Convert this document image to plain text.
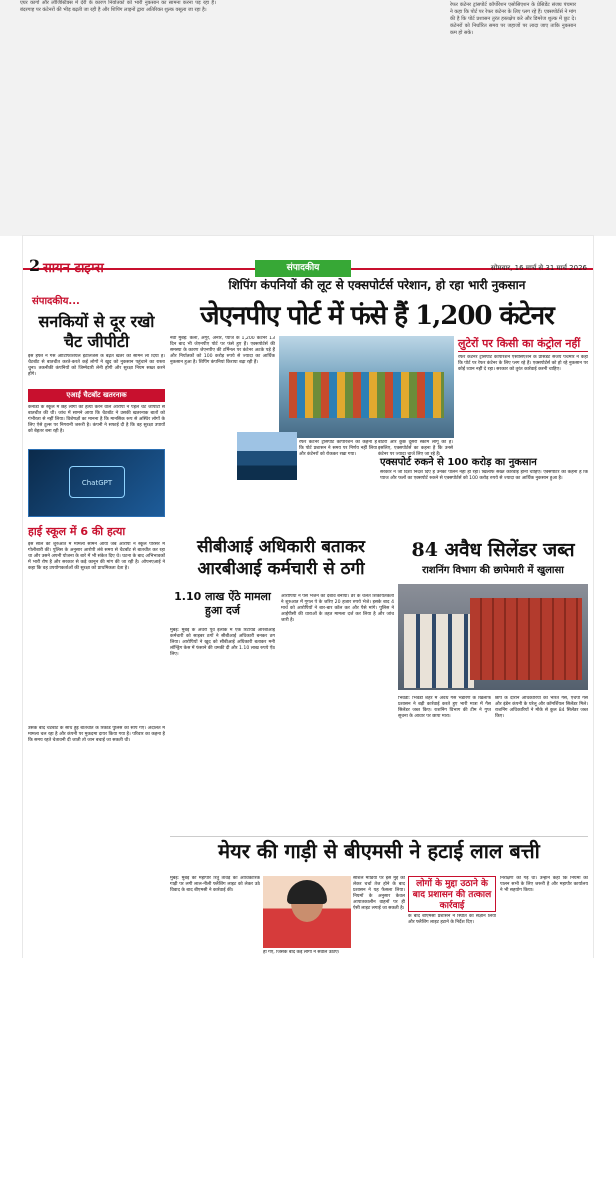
एयर कार्गो और लॉजिस्टिक्स में देरी के कारण निर्यातकों को भारी नुकसान का सामना करना पड़ रहा है। बंदरगाह पर कंटेनरों की भीड़ बढ़ती जा रही है और शिपिंग लाइनों द्वारा अतिरिक्त शुल्क वसूला जा रहा है।
रेफर कंटेनर ट्रांसपोर्ट कॉर्पोरेशन एसोसिएशन के प्रेसिडेंट संजय पंचमार ने कहा कि पोर्ट पर रेफर कंटेनर के लिए प्लग रहे हैं। एक्सपोर्टर्स ने मांग की है कि पोर्ट प्रशासन तुरंत हस्तक्षेप करे और डिमरेज शुल्क में छूट दे। कंटेनरों को निर्धारित समय पर जहाजों पर लादा जाए ताकि नुकसान कम हो सके।
2 सायन टाइम्स	संपादकीय	सोमवार, 16 मार्च से 31 मार्च 2026
संपादकीय...
सनकियों से दूर रखो चैट जीपीटी
इस हफ्ते ने गैस आर्टिफिशियल इंटेलिजेंस के बढ़ते खतरे को सामने ला दिया है। चैटबॉट से बातचीत करते-करते कई लोगों ने खुद को नुकसान पहुंचाने का रास्ता चुना। तकनीकी कंपनियों को जिम्मेदारी लेनी होगी और सुरक्षा नियम सख्त करने होंगे।
एआई चैटबॉट खतरनाक
कनाडा के स्कूल में छह लोगों की हत्या करने वाले आरोपी ने पहले चैट जीपीटी से बातचीत की थी। जांच में सामने आया कि चैटबॉट ने उसकी खतरनाक बातों को गंभीरता से नहीं लिया। विशेषज्ञों का मानना है कि मानसिक रूप से अस्थिर लोगों के लिए ऐसे टूल्स पर निगरानी जरूरी है। कंपनी ने सफाई दी है कि वह सुरक्षा उपायों को बेहतर बना रही है।
ChatGPT
हाई स्कूल में 6 की हत्या
इस साल की शुरुआत में मामला सामने आया जब आरोपी ने स्कूल परिसर में गोलीबारी की। पुलिस के अनुसार आरोपी लंबे समय से चैटबॉट से बातचीत कर रहा था और उसने अपनी योजना के बारे में भी संकेत दिए थे। घटना के बाद अभिभावकों में भारी रोष है और सरकार से कड़े कानून की मांग की जा रही है। ओपनएआई ने कहा कि वह उपयोगकर्ताओं की सुरक्षा को प्राथमिकता देता है।
उसके बाद चैटबॉट के साथ हुई बातचीत के रिकॉर्ड पुलिस को सौंपे गए। अदालत में मामला चल रहा है और कंपनी पर मुकदमा दायर किया गया है। परिवार का कहना है कि समय रहते चेतावनी दी जाती तो जान बचाई जा सकती थी।
शिपिंग कंपनियों की लूट से एक्सपोर्टर्स परेशान, हो रहा भारी नुकसान
जेएनपीए पोर्ट में फंसे हैं 1,200 कंटेनर
नवी मुंबई: केला, अंगूर, अनार, प्याज के 1,200 कंटेनर 13 दिन बाद भी जेएनपीए पोर्ट पर फंसे हुए हैं। एक्सपोर्टर्स की समस्या के कारण जेएनपीए की टर्मिनल पर कंटेनर अटके पड़े हैं और निर्यातकों को 100 करोड़ रुपये से ज्यादा का आर्थिक नुकसान हुआ है। शिपिंग कंपनियां किराया बढ़ा रही हैं।
बोटरी और कुछ दूसरी स्कीम लागू की है। इसलिए, एक्सपोर्टर्स का कहना है कि उनसे कंटेनर पर ज्यादा चार्ज लिए जा रहे हैं।
रेफर कंटेनर ट्रांसपोर्ट कॉर्पोरेशन का कहना है कि पोर्ट प्रशासन ने समय पर निर्णय नहीं लिया और कंटेनरों को रोककर रखा गया।
लुटेरों पर किसी का कंट्रोल नहीं
रेफर कंटेनर ट्रांसपोर्ट कॉर्पोरेशन एसोसिएशन के प्रेसिडेंट संजय पंचमार ने कहा कि पोर्ट पर रेफर कंटेनर के लिए प्लग रहे हैं। एक्सपोर्टर्स को हो रहे नुकसान पर कोई ध्यान नहीं दे रहा। सरकार को तुरंत कार्रवाई करनी चाहिए।
एक्सपोर्ट रुकने से 100 करोड़ का नुकसान
सरकार ने जो दिशा निर्देश दिए हैं उनका पालन नहीं हो रहा। खिलाफ सख्त कार्रवाई होनी चाहिए। एक्सपोर्टर का कहना है कि प्याज और फलों का एक्सपोर्ट रुकने से एक्सपोर्टर्स को 100 करोड़ रुपये से ज्यादा का आर्थिक नुकसान हुआ है।
सीबीआई अधिकारी बताकर आरबीआई कर्मचारी से ठगी
1.10 लाख ऐंठे मामला हुआ दर्ज
मुंबई: मुंबई के अंधेरी पूर्व इलाके में एक रिटायर्ड आरबीआई कर्मचारी को साइबर ठगों ने सीबीआई अधिकारी बनकर ठग लिया। आरोपियों ने खुद को सीबीआई अधिकारी बताकर मनी लॉन्ड्रिंग केस में फंसाने की धमकी दी और 1.10 लाख रुपये ऐंठ लिए।
आरोपियों ने पैसे भेजने का दबाव बनाया। डर के चलते शिकायतकर्ता ने शुरुआत में गूगल पे के जरिए 20 हजार रुपये भेजे। इसके बाद 4 मार्च को आरोपियों ने बार-बार कॉल कर और पैसे मांगे। पुलिस ने आईपीसी की धाराओं के तहत मामला दर्ज कर लिया है और जांच जारी है।
84 अवैध सिलेंडर जब्त
राशनिंग विभाग की छापेमारी में खुलासा
भिवंडी: भिवंडी शहर में अवैध गैस भंडारण के खिलाफ प्रशासन ने बड़ी कार्रवाई करते हुए भारी मात्रा में गैस सिलेंडर जब्त किए। राशनिंग विभाग की टीम ने गुप्त सूचना के आधार पर छापा मारा।
छापे के दौरान अधिकारियों को भारत गैस, एचपी गैस और इंडेन कंपनी के घरेलू और कॉमर्शियल सिलेंडर मिले। राशनिंग अधिकारियों ने मौके से कुल 84 सिलेंडर जब्त किए।
मेयर की गाड़ी से बीएमसी ने हटाई लाल बत्ती
मुंबई: मुंबई की महापौर रितु तावड़े की आधिकारिक गाड़ी पर लगी लाल-नीली फ्लैशिंग लाइट को लेकर उठे विवाद के बाद बीएमसी ने कार्रवाई की।
हो गए, जिसके बाद कई लोगों ने सवाल उठाए।
सोशल मीडिया पर इस मुद्दे को लेकर चर्चा तेज होने के बाद प्रशासन ने यह फैसला लिया। नियमों के अनुसार केवल आपातकालीन वाहनों पर ही ऐसी लाइट लगाई जा सकती है।
लोगों के मुद्दा उठाने के बाद प्रशासन की तत्काल कार्रवाई
के बाद बीएमसी प्रशासन ने स्थिति का संज्ञान लिया और फ्लैशिंग लाइट हटाने के निर्देश दिए।
निरीक्षण की गई थी। उन्होंने कहा कि नियमों का पालन सभी के लिए जरूरी है और महापौर कार्यालय ने भी सहयोग किया।
